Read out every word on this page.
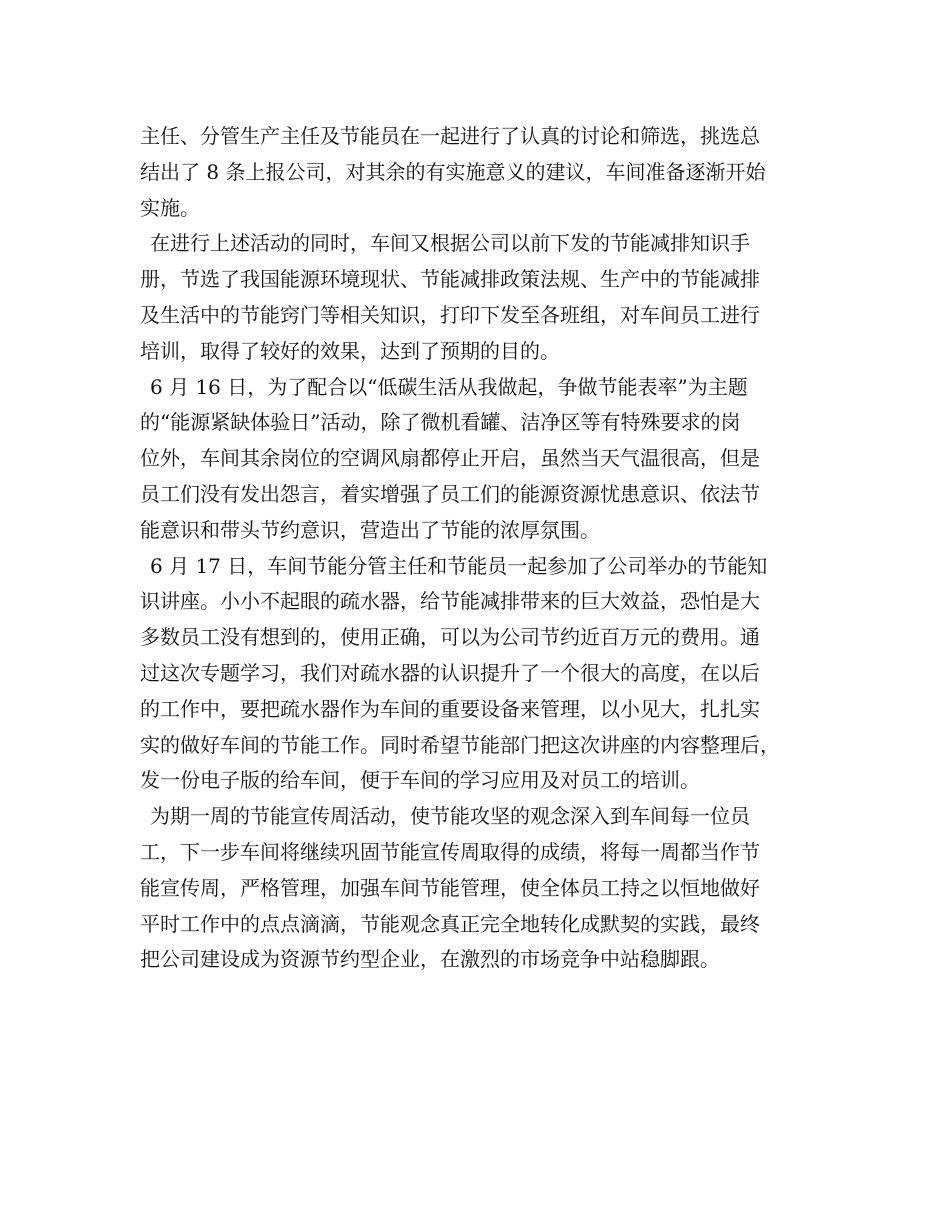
主任、分管生产主任及节能员在一起进行了认真的讨论和筛选，挑选总
结出了 8 条上报公司，对其余的有实施意义的建议，车间准备逐渐开始
实施。

在进行上述活动的同时，车间又根据公司以前下发的节能减排知识手
册，节选了我国能源环境现状、节能减排政策法规、生产中的节能减排
及生活中的节能窍门等相关知识，打印下发至各班组，对车间员工进行
培训，取得了较好的效果，达到了预期的目的。

6 月 16 日，为了配合以“低碳生活从我做起，争做节能表率”为主题
的“能源紧缺体验日”活动，除了微机看罐、洁净区等有特殊要求的岗
位外，车间其余岗位的空调风扇都停止开启，虽然当天气温很高，但是
员工们没有发出怨言，着实增强了员工们的能源资源忧患意识、依法节
能意识和带头节约意识，营造出了节能的浓厚氛围。

6 月 17 日，车间节能分管主任和节能员一起参加了公司举办的节能知
识讲座。小小不起眼的疏水器，给节能减排带来的巨大效益，恐怕是大
多数员工没有想到的，使用正确，可以为公司节约近百万元的费用。通
过这次专题学习，我们对疏水器的认识提升了一个很大的高度，在以后
的工作中，要把疏水器作为车间的重要设备来管理，以小见大，扎扎实
实的做好车间的节能工作。同时希望节能部门把这次讲座的内容整理后，
发一份电子版的给车间，便于车间的学习应用及对员工的培训。

为期一周的节能宣传周活动，使节能攻坚的观念深入到车间每一位员
工，下一步车间将继续巩固节能宣传周取得的成绩，将每一周都当作节
能宣传周，严格管理，加强车间节能管理，使全体员工持之以恒地做好
平时工作中的点点滴滴，节能观念真正完全地转化成默契的实践，最终
把公司建设成为资源节约型企业，在激烈的市场竞争中站稳脚跟。
